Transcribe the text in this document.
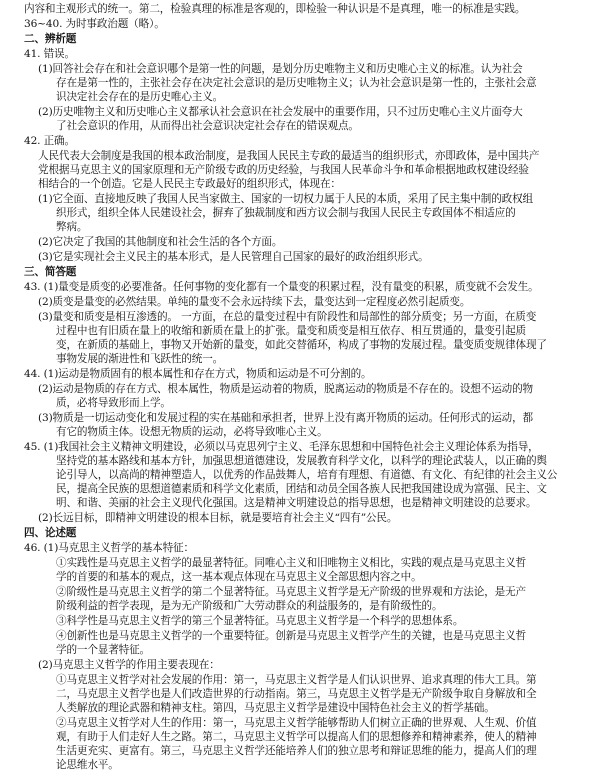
内容和主观形式的统一。第二，检验真理的标准是客观的，即检验一种认识是不是真理，唯一的标准是实践。
36~40. 为时事政治题（略）。
二、辨析题
41. 错误。
(1)回答社会存在和社会意识哪个是第一性的问题，是划分历史唯物主义和历史唯心主义的标准。认为社会
存在是第一性的，主张社会存在决定社会意识的是历史唯物主义；认为社会意识是第一性的，主张社会意
识决定社会存在的是历史唯心主义。
(2)历史唯物主义和历史唯心主义都承认社会意识在社会发展中的重要作用，只不过历史唯心主义片面夸大
了社会意识的作用，从而得出社会意识决定社会存在的错误观点。
42. 正确。
人民代表大会制度是我国的根本政治制度，是我国人民民主专政的最适当的组织形式，亦即政体，是中国共产
党根据马克思主义的国家原理和无产阶级专政的历史经验，与我国人民革命斗争和革命根据地政权建设经验
相结合的一个创造。它是人民民主专政最好的组织形式，体现在：
(1)它全面、直接地反映了我国人民当家做主、国家的一切权力属于人民的本质，采用了民主集中制的政权组
织形式，组织全体人民建设社会，摒弃了独裁制度和西方议会制与我国人民民主专政国体不相适应的
弊病。
(2)它决定了我国的其他制度和社会生活的各个方面。
(3)它是实现社会主义民主的基本形式，是人民管理自己国家的最好的政治组织形式。
三、简答题
43. (1)量变是质变的必要准备。任何事物的变化都有一个量变的积累过程，没有量变的积累，质变就不会发生。
(2)质变是量变的必然结果。单纯的量变不会永远持续下去，量变达到一定程度必然引起质变。
(3)量变和质变是相互渗透的。 一方面，在总的量变过程中有阶段性和局部性的部分质变；另一方面，在质变
过程中也有旧质在量上的收缩和新质在量上的扩张。量变和质变是相互依存、相互贯通的，量变引起质
变，在新质的基础上，事物又开始新的量变，如此交替循环，构成了事物的发展过程。量变质变规律体现了
事物发展的渐进性和飞跃性的统一。
44. (1)运动是物质固有的根本属性和存在方式，物质和运动是不可分割的。
(2)运动是物质的存在方式、根本属性，物质是运动着的物质，脱离运动的物质是不存在的。设想不运动的物
质，必将导致形而上学。
(3)物质是一切运动变化和发展过程的实在基础和承担者，世界上没有离开物质的运动。任何形式的运动，都
有它的物质主体。设想无物质的运动，必将导致唯心主义。
45. (1)我国社会主义精神文明建设，必须以马克思列宁主义、毛泽东思想和中国特色社会主义理论体系为指导，
坚持党的基本路线和基本方针，加强思想道德建设，发展教育科学文化，以科学的理论武装人，以正确的舆
论引导人，以高尚的精神塑造人，以优秀的作品鼓舞人，培育有理想、有道德、有文化、有纪律的社会主义公
民，提高全民族的思想道德素质和科学文化素质，团结和动员全国各族人民把我国建设成为富强、民主、文
明、和谐、美丽的社会主义现代化强国。这是精神文明建设总的指导思想，也是精神文明建设的总要求。
(2)长远目标，即精神文明建设的根本目标，就是要培育社会主义“四有”公民。
四、论述题
46. (1)马克思主义哲学的基本特征：
①实践性是马克思主义哲学的最显著特征。同唯心主义和旧唯物主义相比，实践的观点是马克思主义哲
学的首要的和基本的观点，这一基本观点体现在马克思主义全部思想内容之中。
②阶级性是马克思主义哲学的第二个显著特征。马克思主义哲学是无产阶级的世界观和方法论，是无产
阶级利益的哲学表现，是为无产阶级和广大劳动群众的利益服务的，是有阶级性的。
③科学性是马克思主义哲学的第三个显著特征。马克思主义哲学是一个科学的思想体系。
④创新性也是马克思主义哲学的一个重要特征。创新是马克思主义哲学产生的关键，也是马克思主义哲
学的一个显著特征。
(2)马克思主义哲学的作用主要表现在：
①马克思主义哲学对社会发展的作用：第一，马克思主义哲学是人们认识世界、追求真理的伟大工具。第
二，马克思主义哲学也是人们改造世界的行动指南。第三，马克思主义哲学是无产阶级争取自身解放和全
人类解放的理论武器和精神支柱。第四，马克思主义哲学是建设中国特色社会主义的哲学基础。
②马克思主义哲学对人生的作用：第一，马克思主义哲学能够帮助人们树立正确的世界观、人生观、价值
观，有助于人们走好人生之路。第二，马克思主义哲学可以提高人们的思想修养和精神素养，使人的精神
生活更充实、更富有。第三，马克思主义哲学还能培养人们的独立思考和辩证思维的能力，提高人们的理
论思维水平。
